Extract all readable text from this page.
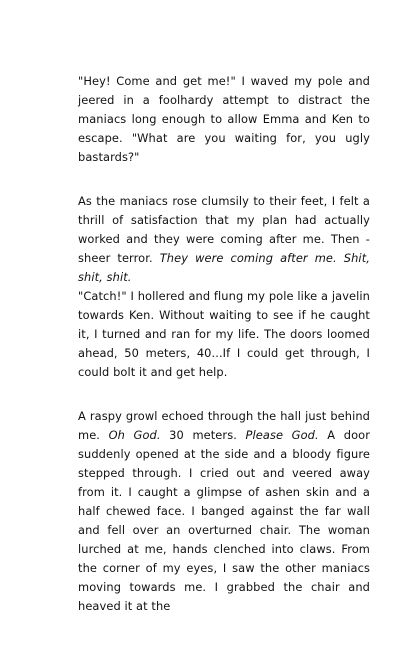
"Hey! Come and get me!" I waved my pole and jeered in a foolhardy attempt to distract the maniacs long enough to allow Emma and Ken to escape. "What are you waiting for, you ugly bastards?"

As the maniacs rose clumsily to their feet, I felt a thrill of satisfaction that my plan had actually worked and they were coming after me. Then - sheer terror. They were coming after me. Shit, shit, shit.

"Catch!" I hollered and flung my pole like a javelin towards Ken. Without waiting to see if he caught it, I turned and ran for my life. The doors loomed ahead, 50 meters, 40...If I could get through, I could bolt it and get help.

A raspy growl echoed through the hall just behind me. Oh God. 30 meters. Please God. A door suddenly opened at the side and a bloody figure stepped through. I cried out and veered away from it. I caught a glimpse of ashen skin and a half chewed face. I banged against the far wall and fell over an overturned chair. The woman lurched at me, hands clenched into claws. From the corner of my eyes, I saw the other maniacs moving towards me. I grabbed the chair and heaved it at the
